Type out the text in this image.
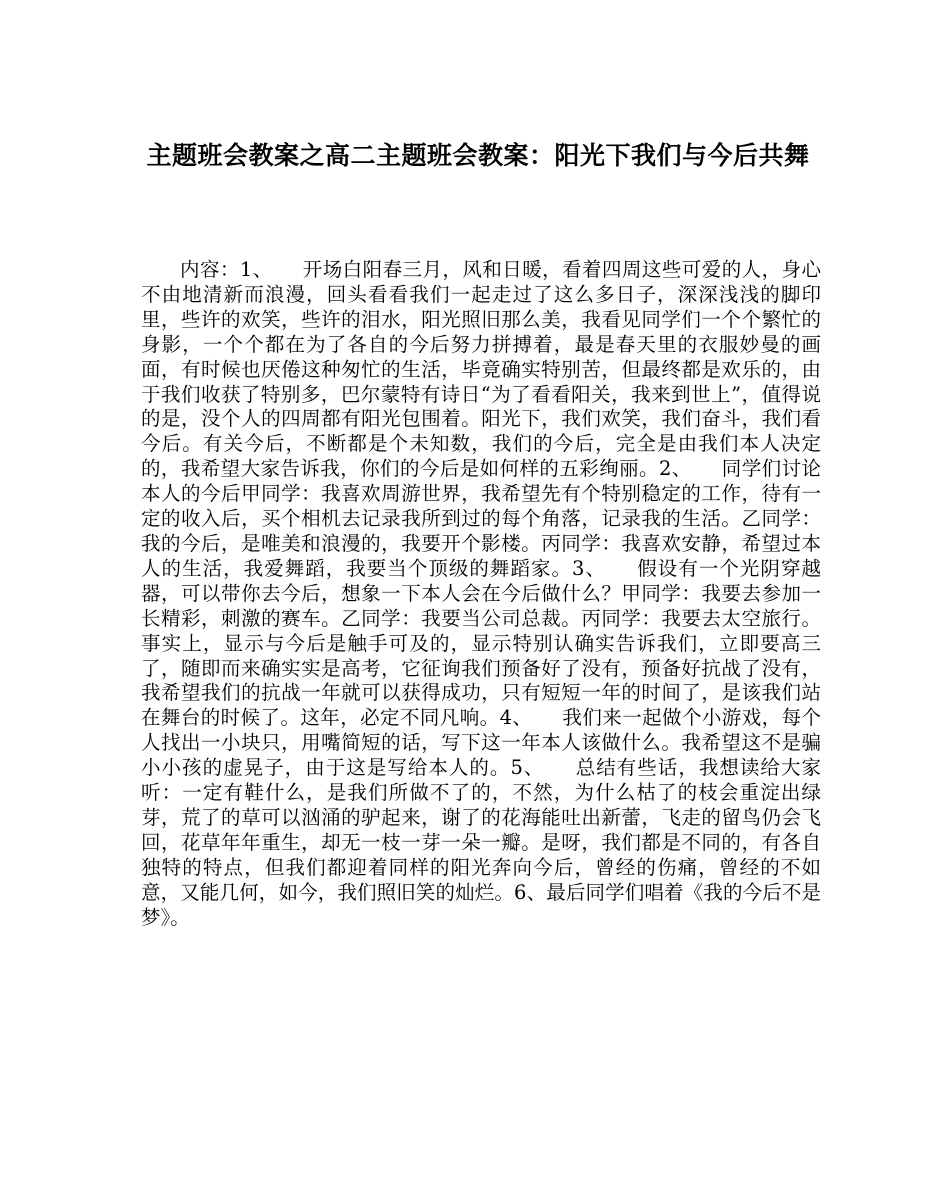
主题班会教案之高二主题班会教案：阳光下我们与今后共舞

内容：1、　　开场白阳春三月，风和日暖，看着四周这些可爱的人，身心不由地清新而浪漫，回头看看我们一起走过了这么多日子，深深浅浅的脚印里，些许的欢笑，些许的泪水，阳光照旧那么美，我看见同学们一个个繁忙的身影，一个个都在为了各自的今后努力拼搏着，最是春天里的衣服妙曼的画面，有时候也厌倦这种匆忙的生活，毕竟确实特别苦，但最终都是欢乐的，由于我们收获了特别多，巴尔蒙特有诗日“为了看看阳关，我来到世上”，值得说的是，没个人的四周都有阳光包围着。阳光下，我们欢笑，我们奋斗，我们看今后。有关今后，不断都是个未知数，我们的今后，完全是由我们本人决定的，我希望大家告诉我，你们的今后是如何样的五彩绚丽。2、　　同学们讨论本人的今后甲同学：我喜欢周游世界，我希望先有个特别稳定的工作，待有一定的收入后，买个相机去记录我所到过的每个角落，记录我的生活。乙同学：我的今后，是唯美和浪漫的，我要开个影楼。丙同学：我喜欢安静，希望过本人的生活，我爱舞蹈，我要当个顶级的舞蹈家。3、　　假设有一个光阴穿越器，可以带你去今后，想象一下本人会在今后做什么？甲同学：我要去参加一长精彩，刺激的赛车。乙同学：我要当公司总裁。丙同学：我要去太空旅行。事实上，显示与今后是触手可及的，显示特别认确实告诉我们，立即要高三了，随即而来确实实是高考，它征询我们预备好了没有，预备好抗战了没有，我希望我们的抗战一年就可以获得成功，只有短短一年的时间了，是该我们站在舞台的时候了。这年，必定不同凡响。4、　　我们来一起做个小游戏，每个人找出一小块只，用嘴简短的话，写下这一年本人该做什么。我希望这不是骗小小孩的虚晃子，由于这是写给本人的。5、　　总结有些话，我想读给大家听：一定有鞋什么，是我们所做不了的，不然，为什么枯了的枝会重淀出绿芽，荒了的草可以汹涌的驴起来，谢了的花海能吐出新蕾，飞走的留鸟仍会飞回，花草年年重生，却无一枝一芽一朵一瓣。是呀，我们都是不同的，有各自独特的特点，但我们都迎着同样的阳光奔向今后，曾经的伤痛，曾经的不如意，又能几何，如今，我们照旧笑的灿烂。6、最后同学们唱着《我的今后不是梦》。
